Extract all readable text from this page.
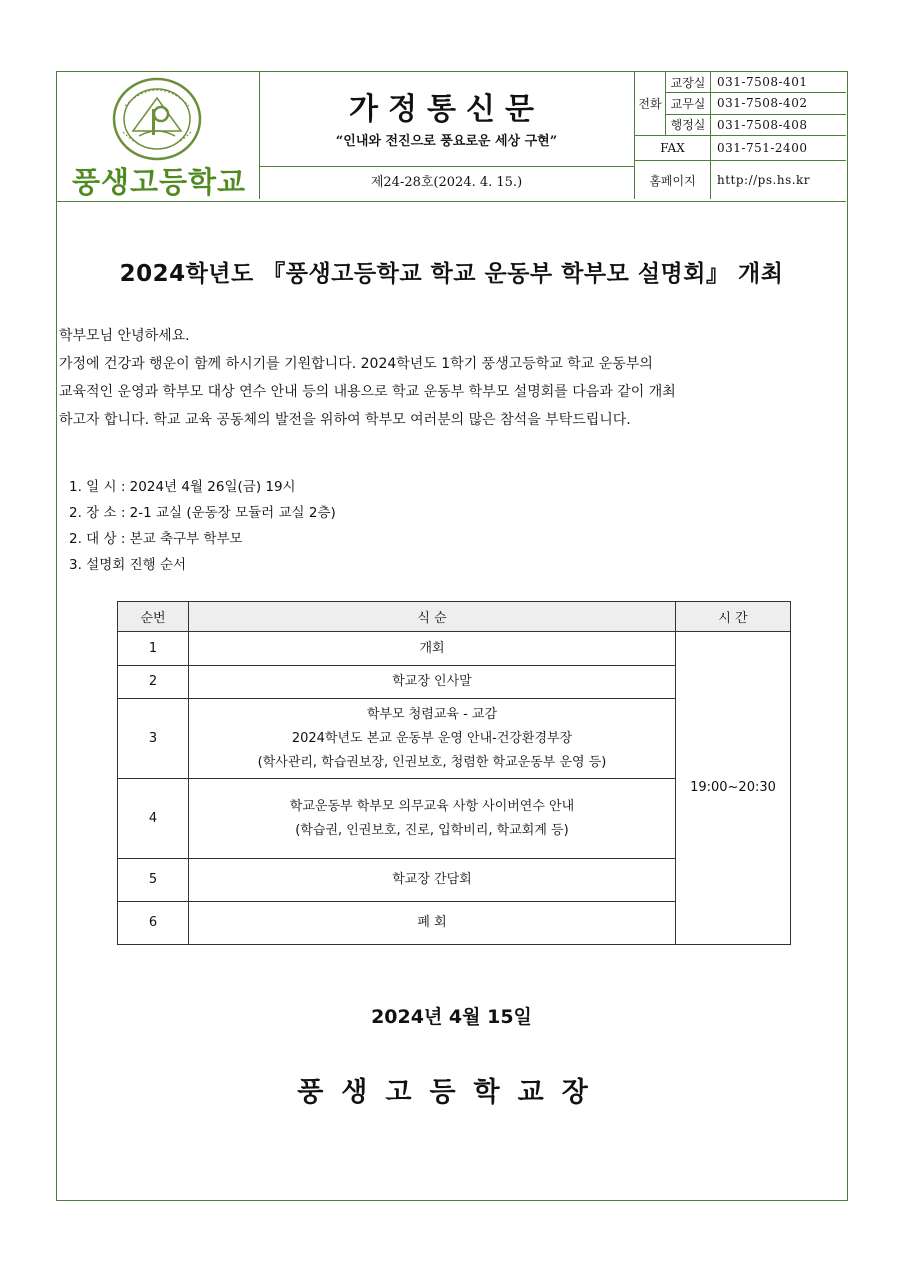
풍생고등학교
가정통신문
“인내와 전진으로 풍요로운 세상 구현”
제24-28호(2024. 4. 15.)
전화	교장실	031-7508-401
	교무실	031-7508-402
	행정실	031-7508-408
FAX		031-751-2400
홈페이지		http://ps.hs.kr
2024학년도 『풍생고등학교 학교 운동부 학부모 설명회』 개최

학부모님 안녕하세요.

가정에 건강과 행운이 함께 하시기를 기원합니다. 2024학년도 1학기 풍생고등학교 학교 운동부의

교육적인 운영과 학부모 대상 연수 안내 등의 내용으로 학교 운동부 학부모 설명회를 다음과 같이 개최

하고자 합니다. 학교 교육 공동체의 발전을 위하여 학부모 여러분의 많은 참석을 부탁드립니다.

1. 일 시 : 2024년 4월 26일(금) 19시

2. 장 소 : 2-1 교실 (운동장 모듈러 교실 2층)

2. 대 상 : 본교 축구부 학부모

3. 설명회 진행 순서

순번	식 순	시 간
1	개회	19:00~20:30
2	학교장 인사말	

3	학부모 청렴교육 - 교감
2024학년도 본교 운동부 운영 안내-건강환경부장
(학사관리, 학습권보장, 인권보호, 청렴한 학교운동부 운영 등)	

4	학교운동부 학부모 의무교육 사항 사이버연수 안내
(학습권, 인권보호, 진로, 입학비리, 학교회계 등)	

5	학교장 간담회	

6	폐 회	
2024년 4월 15일
풍생고등학교장
